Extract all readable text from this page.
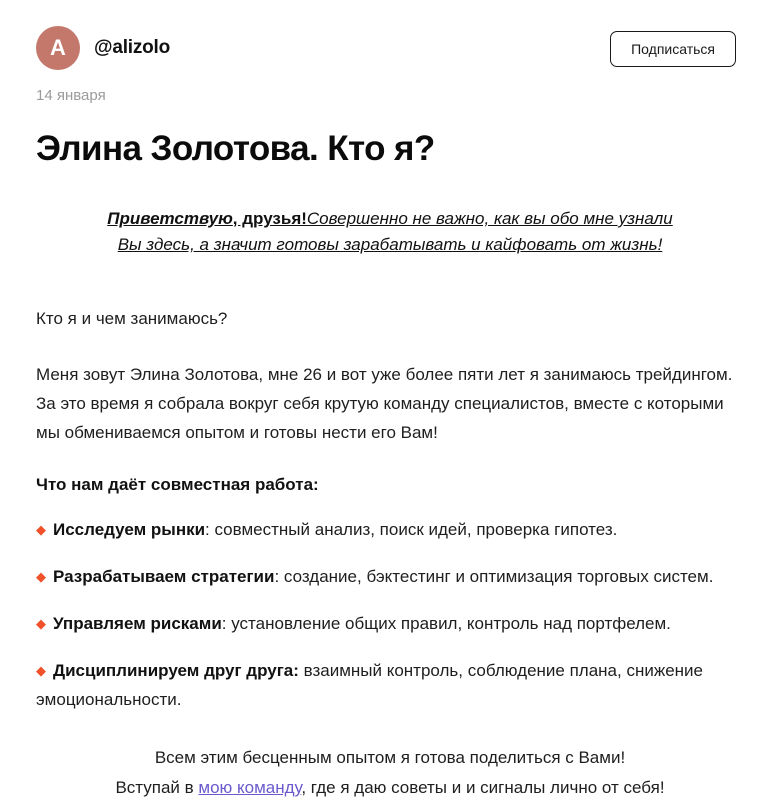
A	@alizolo	Подписаться
14 января
Элина Золотова. Кто я?
Приветствую, друзья!Совершенно не важно, как вы обо мне узнали
Вы здесь, а значит готовы зарабатывать и кайфовать от жизнь!

Кто я и чем занимаюсь?

Меня зовут Элина Золотова, мне 26 и вот уже более пяти лет я занимаюсь трейдингом. За это время я собрала вокруг себя крутую команду специалистов, вместе с которыми мы обмениваемся опытом и готовы нести его Вам!

Что нам даёт совместная работа:

◆ Исследуем рынки: совместный анализ, поиск идей, проверка гипотез.
◆ Разрабатываем стратегии: создание, бэктестинг и оптимизация торговых систем.
◆ Управляем рисками: установление общих правил, контроль над портфелем.
◆ Дисциплинируем друг друга: взаимный контроль, соблюдение плана, снижение эмоциональности.
Всем этим бесценным опытом я готова поделиться с Вами!
Вступай в мою команду, где я даю советы и и сигналы лично от себя!
